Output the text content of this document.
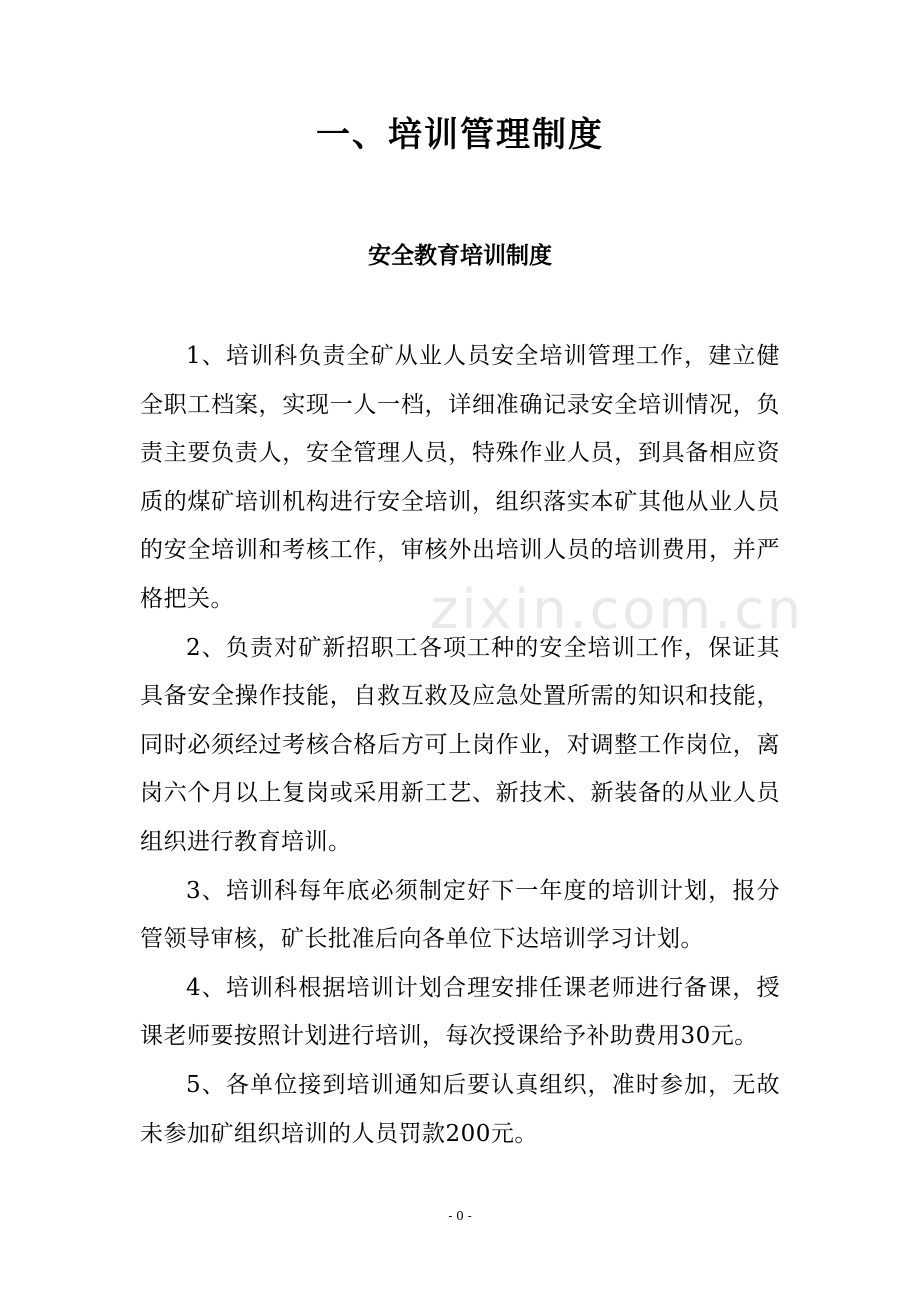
一、培训管理制度
安全教育培训制度
zixin.com.cn

1、培训科负责全矿从业人员安全培训管理工作，建立健全职工档案，实现一人一档，详细准确记录安全培训情况，负责主要负责人，安全管理人员，特殊作业人员，到具备相应资质的煤矿培训机构进行安全培训，组织落实本矿其他从业人员的安全培训和考核工作，审核外出培训人员的培训费用，并严格把关。

2、负责对矿新招职工各项工种的安全培训工作，保证其具备安全操作技能，自救互救及应急处置所需的知识和技能，同时必须经过考核合格后方可上岗作业，对调整工作岗位，离岗六个月以上复岗或采用新工艺、新技术、新装备的从业人员组织进行教育培训。

3、培训科每年底必须制定好下一年度的培训计划，报分管领导审核，矿长批准后向各单位下达培训学习计划。

4、培训科根据培训计划合理安排任课老师进行备课，授课老师要按照计划进行培训，每次授课给予补助费用30元。

5、各单位接到培训通知后要认真组织，准时参加，无故未参加矿组织培训的人员罚款200元。

- 0 -
